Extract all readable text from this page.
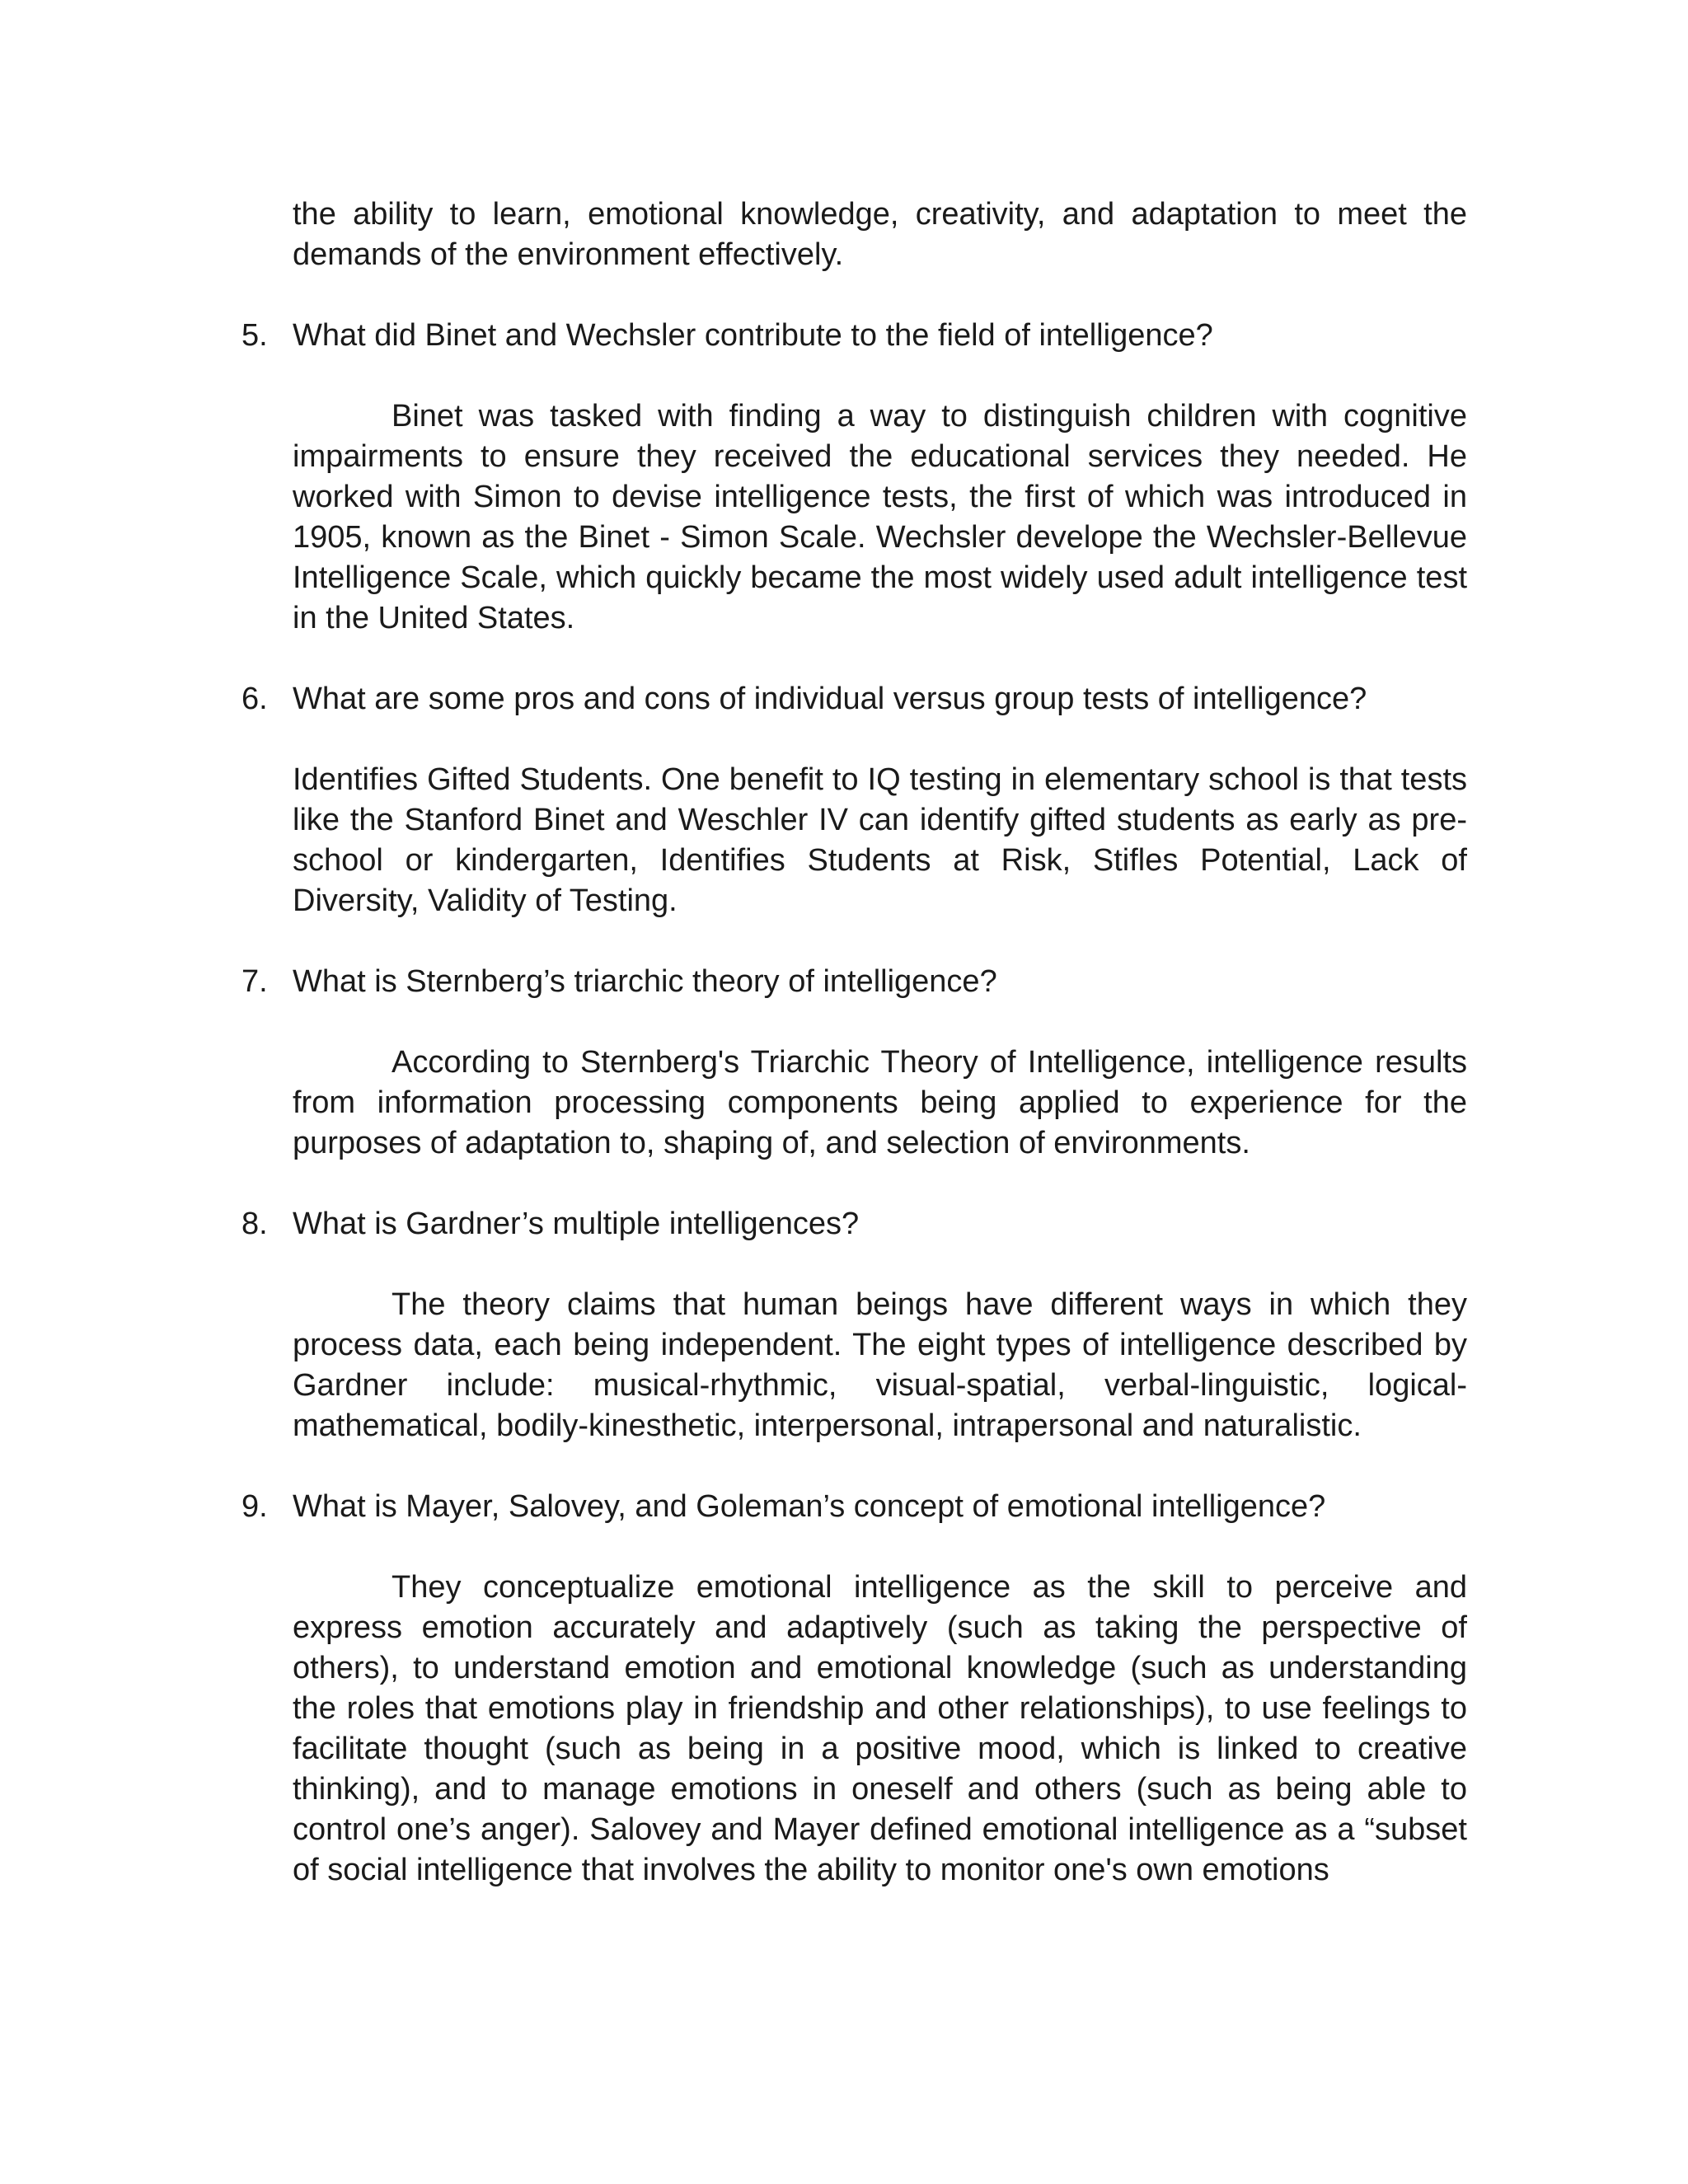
the ability to learn, emotional knowledge, creativity, and adaptation to meet the demands of the environment effectively.

5. What did Binet and Wechsler contribute to the field of intelligence?

Binet was tasked with finding a way to distinguish children with cognitive impairments to ensure they received the educational services they needed. He worked with Simon to devise intelligence tests, the first of which was introduced in 1905, known as the Binet - Simon Scale. Wechsler develope the Wechsler-Bellevue Intelligence Scale, which quickly became the most widely used adult intelligence test in the United States.

6. What are some pros and cons of individual versus group tests of intelligence?

Identifies Gifted Students. One benefit to IQ testing in elementary school is that tests like the Stanford Binet and Weschler IV can identify gifted students as early as pre-school or kindergarten, Identifies Students at Risk, Stifles Potential, Lack of Diversity, Validity of Testing.

7. What is Sternberg’s triarchic theory of intelligence?

According to Sternberg's Triarchic Theory of Intelligence, intelligence results from information processing components being applied to experience for the purposes of adaptation to, shaping of, and selection of environments.

8. What is Gardner’s multiple intelligences?

The theory claims that human beings have different ways in which they process data, each being independent. The eight types of intelligence described by Gardner include: musical-rhythmic, visual-spatial, verbal-linguistic, logical-mathematical, bodily-kinesthetic, interpersonal, intrapersonal and naturalistic.

9. What is Mayer, Salovey, and Goleman’s concept of emotional intelligence?

They conceptualize emotional intelligence as the skill to perceive and express emotion accurately and adaptively (such as taking the perspective of others), to understand emotion and emotional knowledge (such as understanding the roles that emotions play in friendship and other relationships), to use feelings to facilitate thought (such as being in a positive mood, which is linked to creative thinking), and to manage emotions in oneself and others (such as being able to control one’s anger). Salovey and Mayer defined emotional intelligence as a “subset of social intelligence that involves the ability to monitor one's own emotions
